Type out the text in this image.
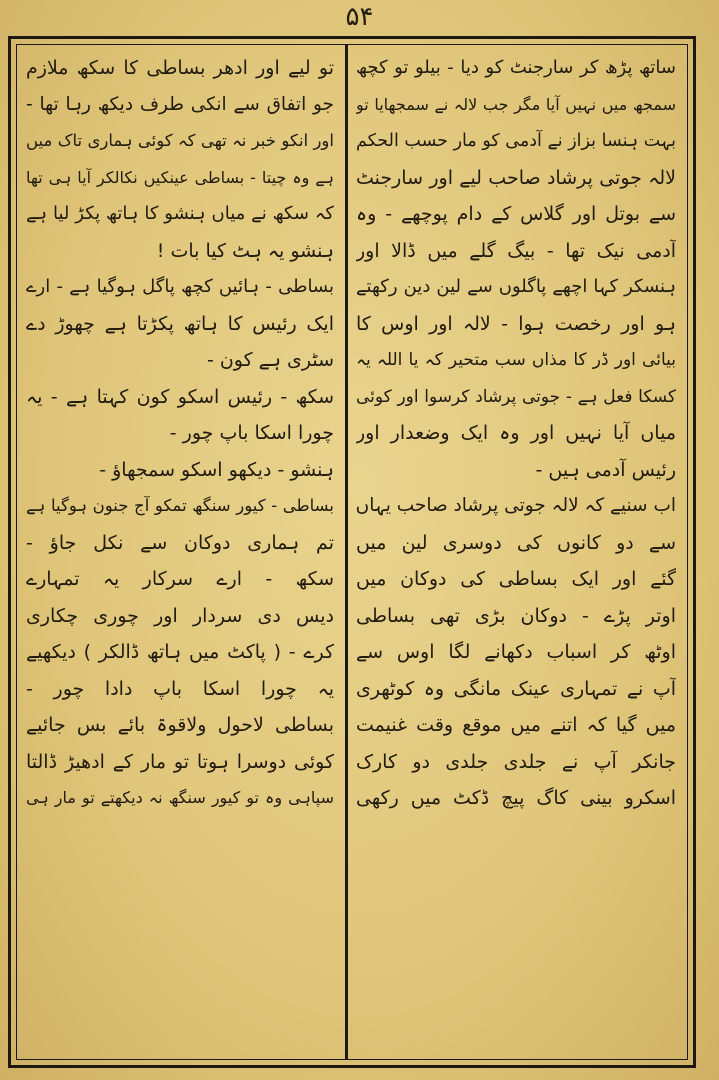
۵۴
ساتھ پڑھ کر سارجنٹ کو دیا - بیلو تو کچھ
سمجھ میں نہیں آیا مگر جب لالہ نے سمجھایا تو
بہت ہنسا بزاز نے آدمی کو مار حسب الحکم
لالہ جوتی پرشاد صاحب لیے اور سارجنٹ
سے بوتل اور گلاس کے دام پوچھے - وہ
آدمی نیک تھا - بیگ گلے میں ڈالا اور
ہنسکر کہا اچھے پاگلوں سے لین دین رکھتے
ہو اور رخصت ہوا - لالہ اور اوس کا
بیائی اور ڈر کا مذاں سب متحیر کہ یا اللہ یہ
کسکا فعل ہے - جوتی پرشاد کرسوا اور کوئی
میاں آیا نہیں اور وہ ایک وضعدار اور
رئیس آدمی ہیں -
اب سنیے کہ لالہ جوتی پرشاد صاحب یہاں
سے دو کانوں کی دوسری لین میں
گئے اور ایک بساطی کی دوکان میں
اوتر پڑے - دوکان بڑی تھی بساطی
اوٹھ کر اسباب دکھانے لگا اوس سے
آپ نے تمہاری عینک مانگی وہ کوٹھری
میں گیا کہ اتنے میں موقع وقت غنیمت
جانکر آپ نے جلدی جلدی دو کارک
اسکرو بینی کاگ پیچ ڈکٹ میں رکھی
تو لیے اور ادھر بساطی کا سکھ ملازم
جو اتفاق سے انکی طرف دیکھ رہا تھا -
اور انکو خبر نہ تھی کہ کوئی ہماری تاک میں
ہے وہ چیتا - بساطی عینکیں نکالکر آیا ہی تھا
کہ سکھ نے میاں ہنشو کا ہاتھ پکڑ لیا ہے
ہنشو یہ ہٹ کیا بات !
بساطی - ہائیں کچھ پاگل ہوگیا ہے - ارے
ایک رئیس کا ہاتھ پکڑتا ہے چھوڑ دے
سٹری ہے کون -
سکھ - رئیس اسکو کون کہتا ہے - یہ
چورا اسکا باپ چور -
ہنشو - دیکھو اسکو سمجھاؤ -
بساطی - کیور سنگھ تمکو آج جنون ہوگیا ہے
تم ہماری دوکان سے نکل جاؤ -
سکھ - ارے سرکار یہ تمہارے
دیس دی سردار اور چوری چکاری
کرے - ( پاکٹ میں ہاتھ ڈالکر ) دیکھیے
یہ چورا اسکا باپ دادا چور -
بساطی لاحول ولاقوۃ بائے بس جائیے
کوئی دوسرا ہوتا تو مار کے ادھیڑ ڈالتا
سپاہی وہ تو کیور سنگھ نہ دیکھتے تو مار ہی
